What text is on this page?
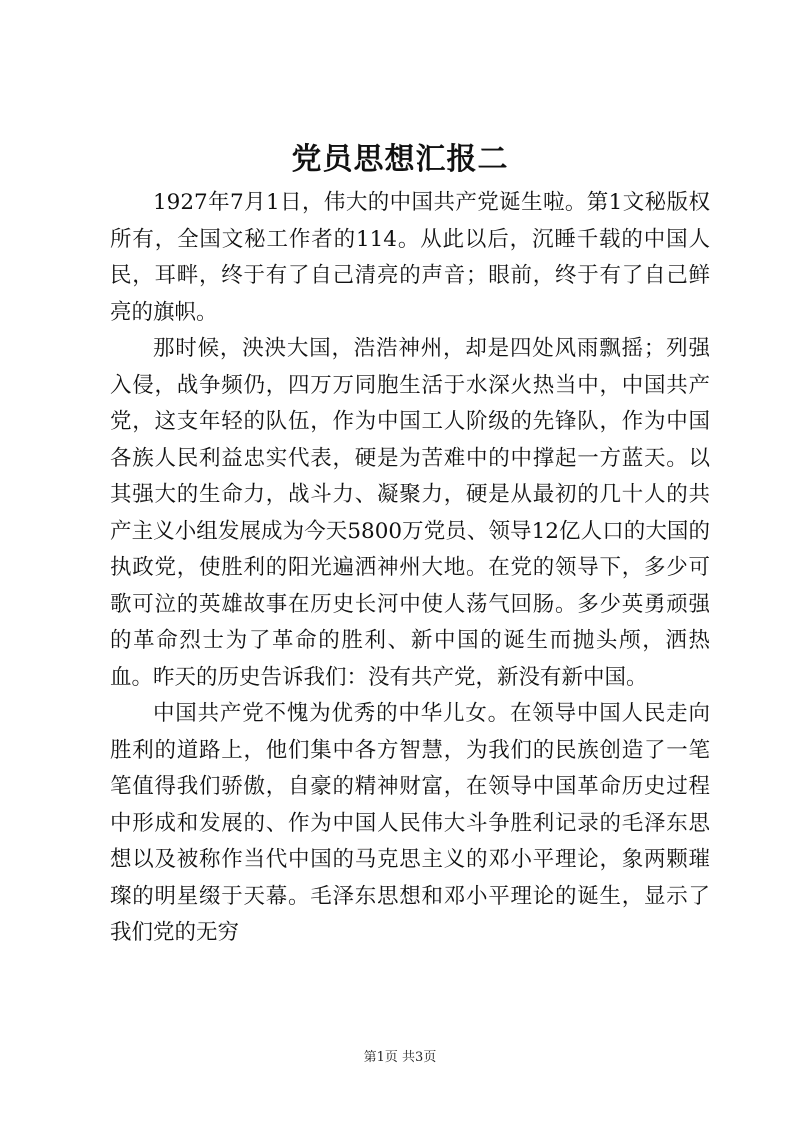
党员思想汇报二

1927年7月1日，伟大的中国共产党诞生啦。第1文秘版权所有，全国文秘工作者的114。从此以后，沉睡千载的中国人民，耳畔，终于有了自己清亮的声音；眼前，终于有了自己鲜亮的旗帜。

那时候，泱泱大国，浩浩神州，却是四处风雨飘摇；列强入侵，战争频仍，四万万同胞生活于水深火热当中，中国共产党，这支年轻的队伍，作为中国工人阶级的先锋队，作为中国各族人民利益忠实代表，硬是为苦难中的中撑起一方蓝天。以其强大的生命力，战斗力、凝聚力，硬是从最初的几十人的共产主义小组发展成为今天5800万党员、领导12亿人口的大国的执政党，使胜利的阳光遍洒神州大地。在党的领导下，多少可歌可泣的英雄故事在历史长河中使人荡气回肠。多少英勇顽强的革命烈士为了革命的胜利、新中国的诞生而抛头颅，洒热血。昨天的历史告诉我们：没有共产党，新没有新中国。

中国共产党不愧为优秀的中华儿女。在领导中国人民走向胜利的道路上，他们集中各方智慧，为我们的民族创造了一笔笔值得我们骄傲，自豪的精神财富，在领导中国革命历史过程中形成和发展的、作为中国人民伟大斗争胜利记录的毛泽东思想以及被称作当代中国的马克思主义的邓小平理论，象两颗璀璨的明星缀于天幕。毛泽东思想和邓小平理论的诞生，显示了我们党的无穷

第1页 共3页
